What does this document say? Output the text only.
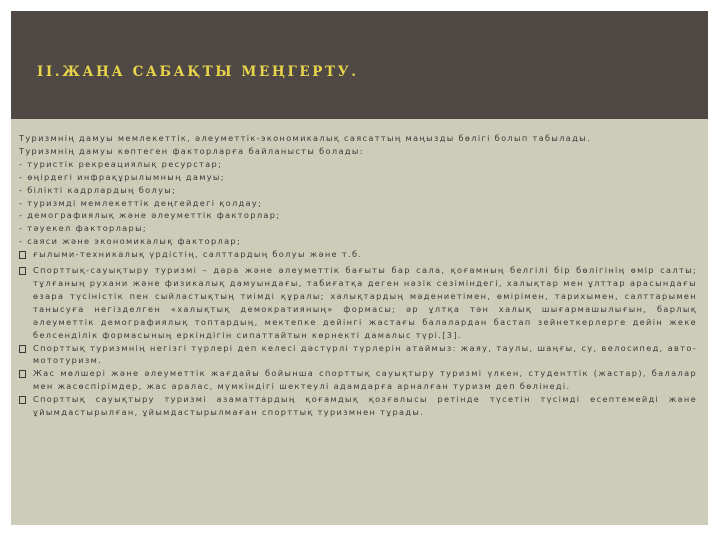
II.ЖАҢА САБАҚТЫ МЕҢГЕРТУ.

Туризмнің дамуы мемлекеттік, әлеуметтік-экономикалық саясаттың маңызды бөлігі болып табылады.

Туризмнің дамуы көптеген факторларға байланысты болады:

- туристік рекреациялық ресурстар;

- өңірдегі инфрақұрылымның дамуы;

- білікті кадрлардың болуы;

- туризмді мемлекеттік деңгейдегі қолдау;

- демографиялық және әлеуметтік факторлар;

- тәуекел факторлары;

- саяси және экономикалық факторлар;

ғылыми-техникалық үрдістің, салттардың болуы және т.б.

Спорттық-сауықтыру туризмі – дара және әлеуметтік бағыты бар сала, қоғамның белгілі бір бөлігінің өмір салты; тұлғаның рухани және физикалық дамуындағы, табиғатқа деген нәзік сезіміндегі, халықтар мен ұлттар арасындағы өзара түсіністік пен сыйластықтың тиімді құралы; халықтардың мәдениетімен, өмірімен, тарихымен, салттарымен танысуға негізделген «халықтық демократияның» формасы; әр ұлтқа тән халық шығармашылығын, барлық әлеуметтік демографиялық топтардың, мектепке дейінгі жастағы балалардан бастап зейнеткерлерге дейін жеке белсенділік формасының еркіндігін сипаттайтын көрнекті дамалыс түрі.[3].

Спорттық туризмнің негізгі түрлері деп келесі дәстүрлі түрлерін атаймыз: жаяу, таулы, шаңғы, су, велосипед, авто-мототуризм.

Жас мөлшері және әлеуметтік жағдайы бойынша спорттық сауықтыру туризмі үлкен, студенттік (жастар), балалар мен жасөспірімдер, жас аралас, мүмкіндігі шектеулі адамдарға арналған туризм деп бөлінеді.

Спорттық сауықтыру туризмі азаматтардың қоғамдық қозғалысы ретінде түсетін түсімді есептемейді және ұйымдастырылған, ұйымдастырылмаған спорттық туризмнен тұрады.
